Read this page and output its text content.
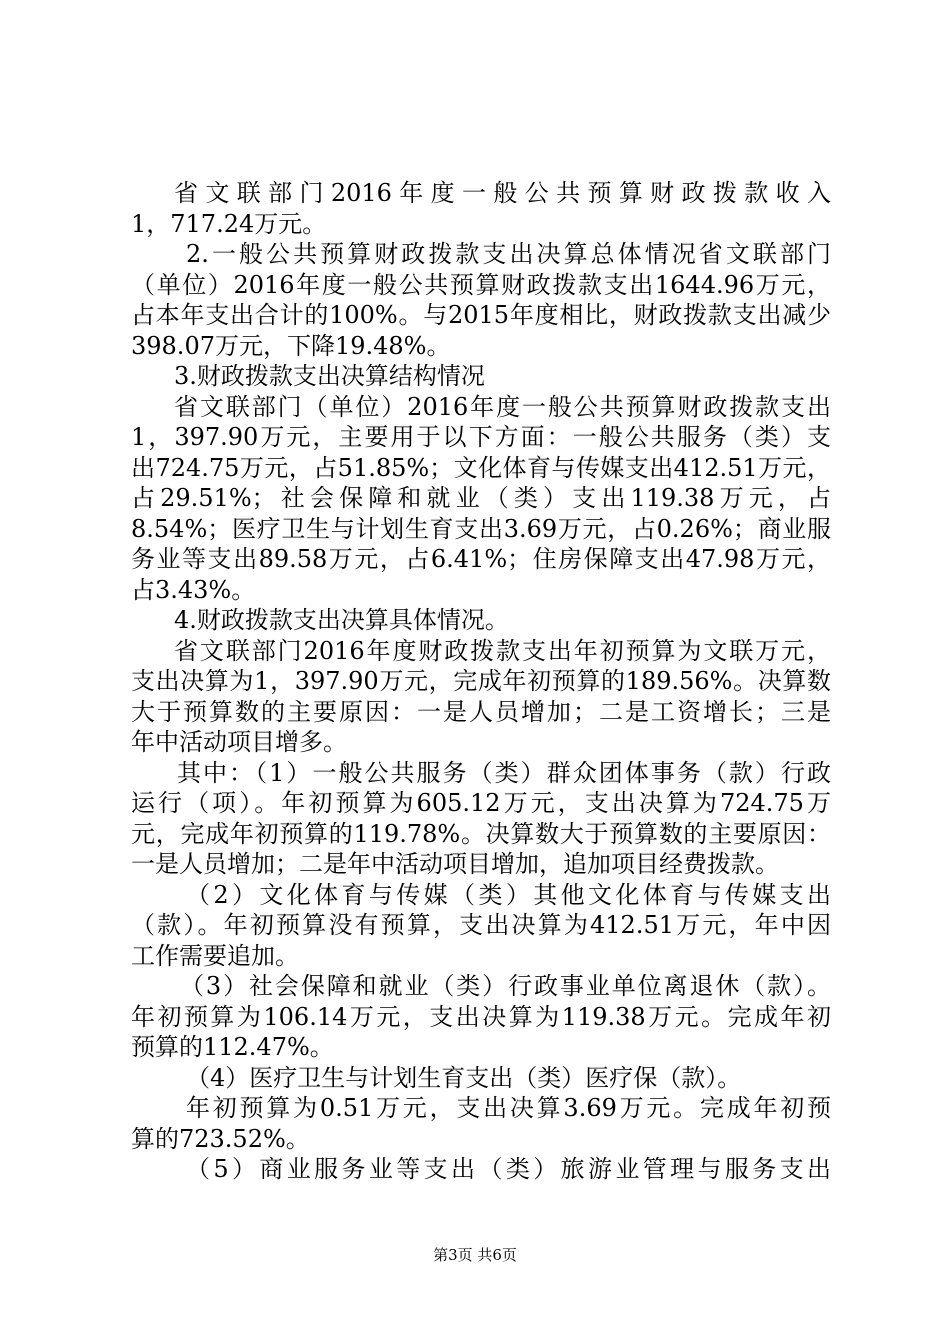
省文联部门2016年度一般公共预算财政拨款收入
1，717.24万元。
2.一般公共预算财政拨款支出决算总体情况省文联部门
（单位）2016年度一般公共预算财政拨款支出1644.96万元，
占本年支出合计的100%。与2015年度相比，财政拨款支出减少
398.07万元，下降19.48%。
3.财政拨款支出决算结构情况
省文联部门（单位）2016年度一般公共预算财政拨款支出
1，397.90万元，主要用于以下方面：一般公共服务（类）支
出724.75万元，占51.85%；文化体育与传媒支出412.51万元，
占29.51%；社会保障和就业（类）支出119.38万元，占
8.54%；医疗卫生与计划生育支出3.69万元，占0.26%；商业服
务业等支出89.58万元，占6.41%；住房保障支出47.98万元，
占3.43%。
4.财政拨款支出决算具体情况。
省文联部门2016年度财政拨款支出年初预算为文联万元，
支出决算为1，397.90万元，完成年初预算的189.56%。决算数
大于预算数的主要原因：一是人员增加；二是工资增长；三是
年中活动项目增多。
其中：（1）一般公共服务（类）群众团体事务（款）行政
运行（项）。年初预算为605.12万元，支出决算为724.75万
元，完成年初预算的119.78%。决算数大于预算数的主要原因：
一是人员增加；二是年中活动项目增加，追加项目经费拨款。
（2）文化体育与传媒（类）其他文化体育与传媒支出
（款）。年初预算没有预算，支出决算为412.51万元，年中因
工作需要追加。
（3）社会保障和就业（类）行政事业单位离退休（款）。
年初预算为106.14万元，支出决算为119.38万元。完成年初
预算的112.47%。
（4）医疗卫生与计划生育支出（类）医疗保（款）。
年初预算为0.51万元，支出决算3.69万元。完成年初预
算的723.52%。
（5）商业服务业等支出（类）旅游业管理与服务支出
第3页 共6页
